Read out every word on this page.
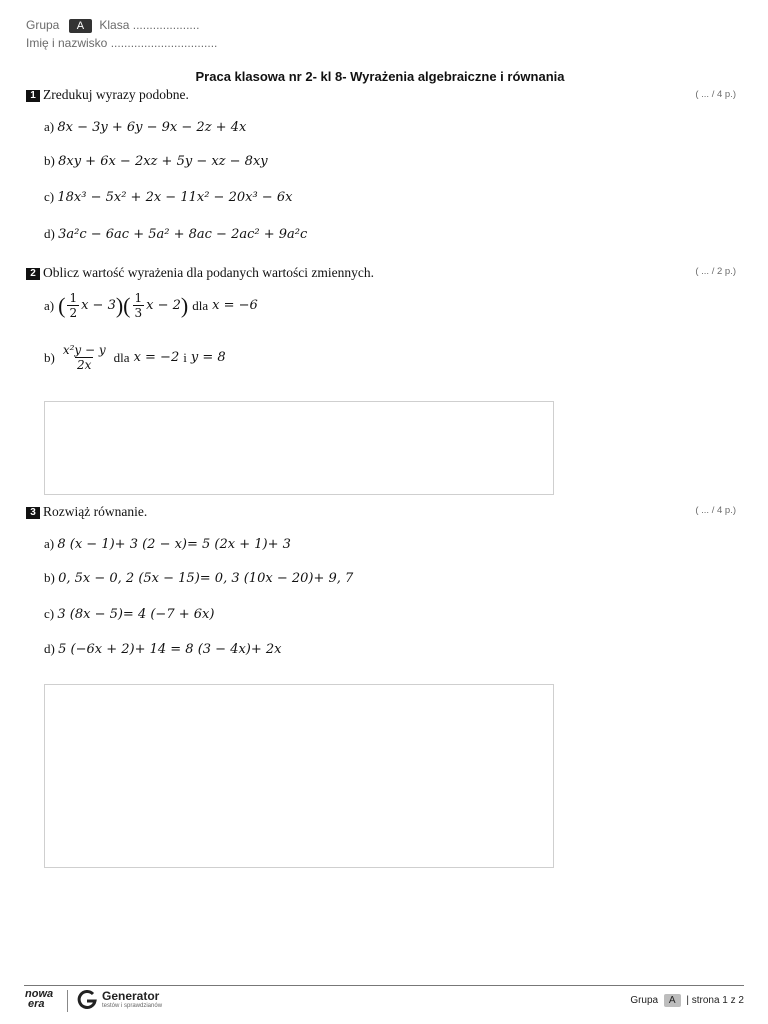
Grupa A Klasa ....................
Imię i nazwisko ................................
Praca klasowa nr 2- kl 8- Wyrażenia algebraiczne i równania
1 Zredukuj wyrazy podobne.	( ... / 4 p.)
a) 8x − 3y + 6y − 9x − 2z + 4x
b) 8xy + 6x − 2xz + 5y − xz − 8xy
c) 18x³ − 5x² + 2x − 11x² − 20x³ − 6x
d) 3a²c − 6ac + 5a² + 8ac − 2ac² + 9a²c
2 Oblicz wartość wyrażenia dla podanych wartości zmiennych.	( ... / 2 p.)
a) ( $\frac{1}{2}$ x − 3 ) ( $\frac{1}{3}$ x − 2 ) dla x = −6
$b) \frac{\text{x²y − y}}{2x}$ dla x = −2 i y = 8
3 Rozwiąż równanie.	( ... / 4 p.)
a) 8 (x − 1)+ 3 (2 − x)= 5 (2x + 1)+ 3
b) 0, 5x − 0, 2 (5x − 15)= 0, 3 (10x − 20)+ 9, 7
c) 3 (8x − 5)= 4 (−7 + 6x)
d) 5 (−6x + 2)+ 14 = 8 (3 − 4x)+ 2x
nowa
era
Generator
testów i sprawdzianów	Grupa A | strona 1 z 2
